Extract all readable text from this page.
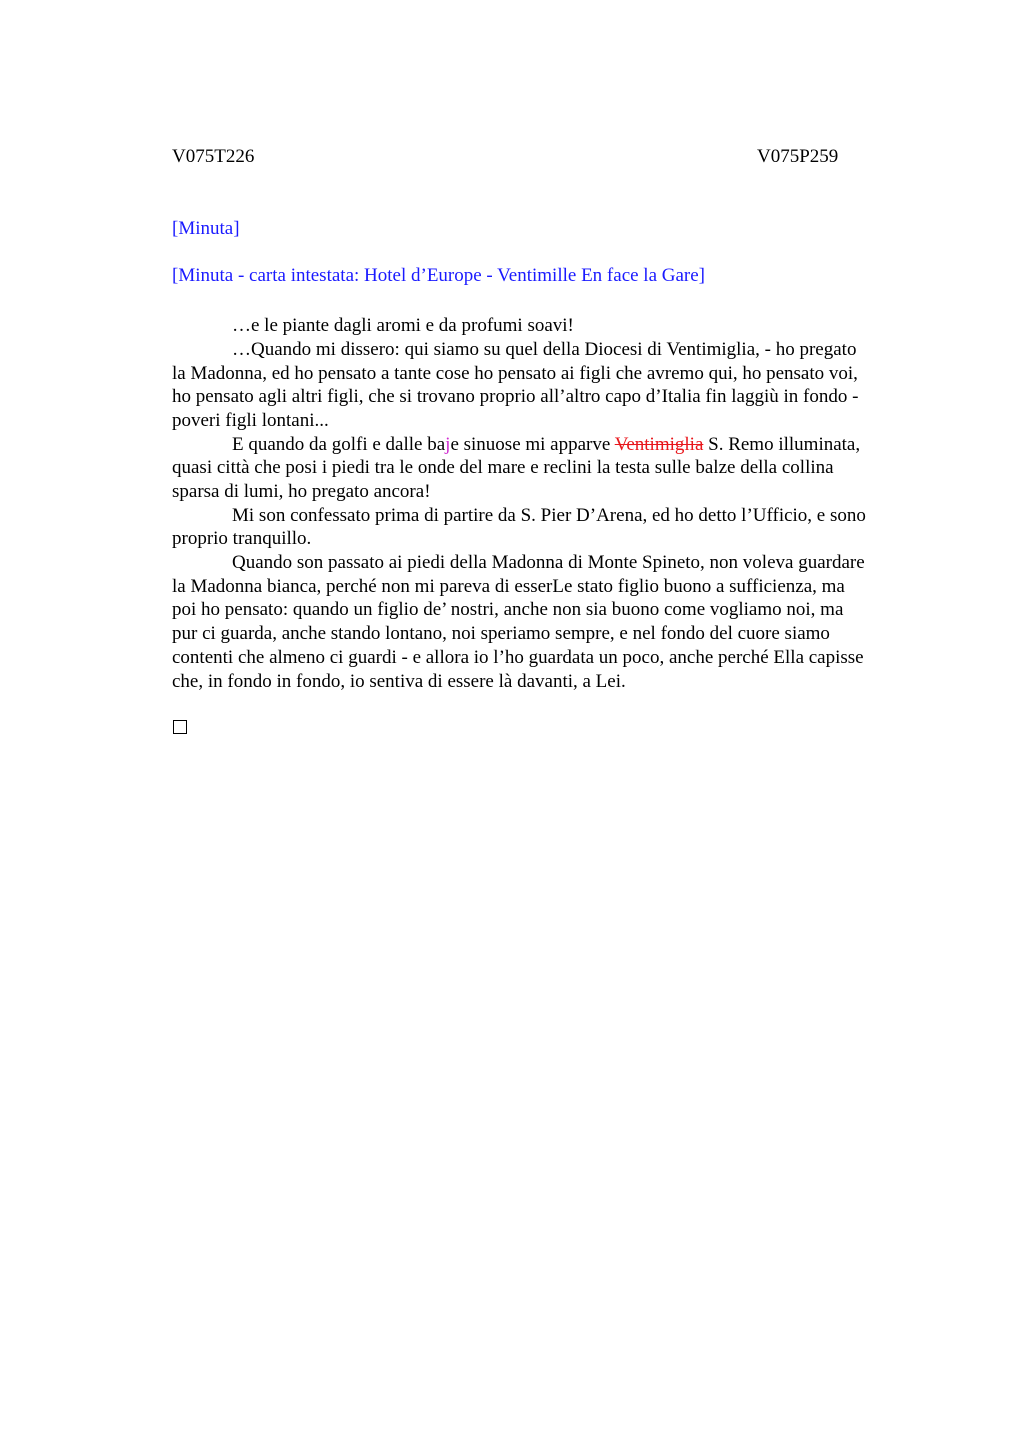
V075T226	V075P259
[Minuta]
[Minuta - carta intestata: Hotel d’Europe - Ventimille En face la Gare]
…e le piante dagli aromi e da profumi soavi!
…Quando mi dissero: qui siamo su quel della Diocesi di Ventimiglia, - ho pregato
la Madonna, ed ho pensato a tante cose ho pensato ai figli che avremo qui, ho pensato voi,
ho pensato agli altri figli, che si trovano proprio all’altro capo d’Italia fin laggiù in fondo -
poveri figli lontani...
E quando da golfi e dalle baje sinuose mi apparve Ventimiglia S. Remo illuminata,
quasi città che posi i piedi tra le onde del mare e reclini la testa sulle balze della collina
sparsa di lumi, ho pregato ancora!
Mi son confessato prima di partire da S. Pier D’Arena, ed ho detto l’Ufficio, e sono
proprio tranquillo.
Quando son passato ai piedi della Madonna di Monte Spineto, non voleva guardare
la Madonna bianca, perché non mi pareva di esserLe stato figlio buono a sufficienza, ma
poi ho pensato: quando un figlio de’ nostri, anche non sia buono come vogliamo noi, ma
pur ci guarda, anche stando lontano, noi speriamo sempre, e nel fondo del cuore siamo
contenti che almeno ci guardi - e allora io l’ho guardata un poco, anche perché Ella capisse
che, in fondo in fondo, io sentiva di essere là davanti, a Lei.
